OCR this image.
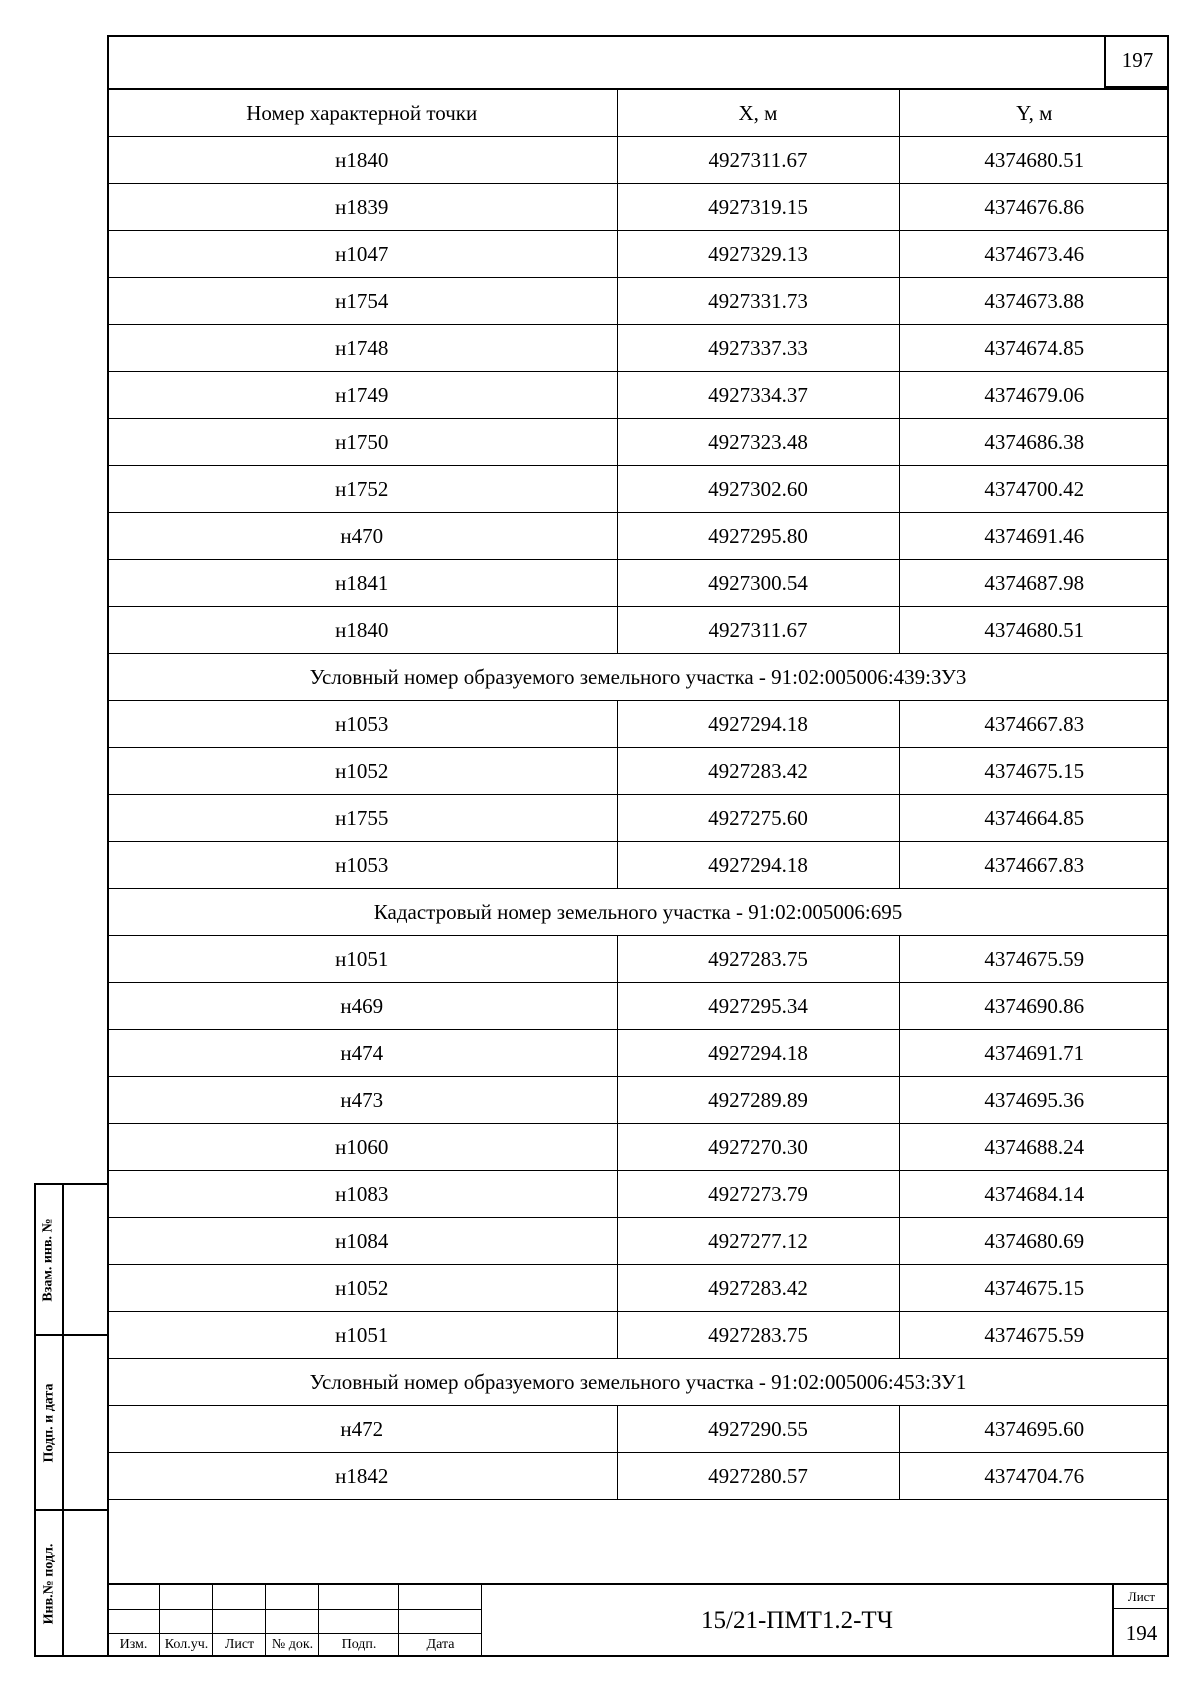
197
Номер характерной точки	X, м	Y, м
н1840	4927311.67	4374680.51
н1839	4927319.15	4374676.86
н1047	4927329.13	4374673.46
н1754	4927331.73	4374673.88
н1748	4927337.33	4374674.85
н1749	4927334.37	4374679.06
н1750	4927323.48	4374686.38
н1752	4927302.60	4374700.42
н470	4927295.80	4374691.46
н1841	4927300.54	4374687.98
н1840	4927311.67	4374680.51
Условный номер образуемого земельного участка - 91:02:005006:439:ЗУ3		
н1053	4927294.18	4374667.83
н1052	4927283.42	4374675.15
н1755	4927275.60	4374664.85
н1053	4927294.18	4374667.83
Кадастровый номер земельного участка - 91:02:005006:695		
н1051	4927283.75	4374675.59
н469	4927295.34	4374690.86
н474	4927294.18	4374691.71
н473	4927289.89	4374695.36
н1060	4927270.30	4374688.24
н1083	4927273.79	4374684.14
н1084	4927277.12	4374680.69
н1052	4927283.42	4374675.15
н1051	4927283.75	4374675.59
Условный номер образуемого земельного участка - 91:02:005006:453:ЗУ1		
н472	4927290.55	4374695.60
н1842	4927280.57	4374704.76
Взам. инв. №
Подп. и дата
Инв.№ подл.
Изм.	Кол.уч.	Лист	№ док.	Подп.	Дата
15/21-ПМТ1.2-ТЧ
Лист
194
